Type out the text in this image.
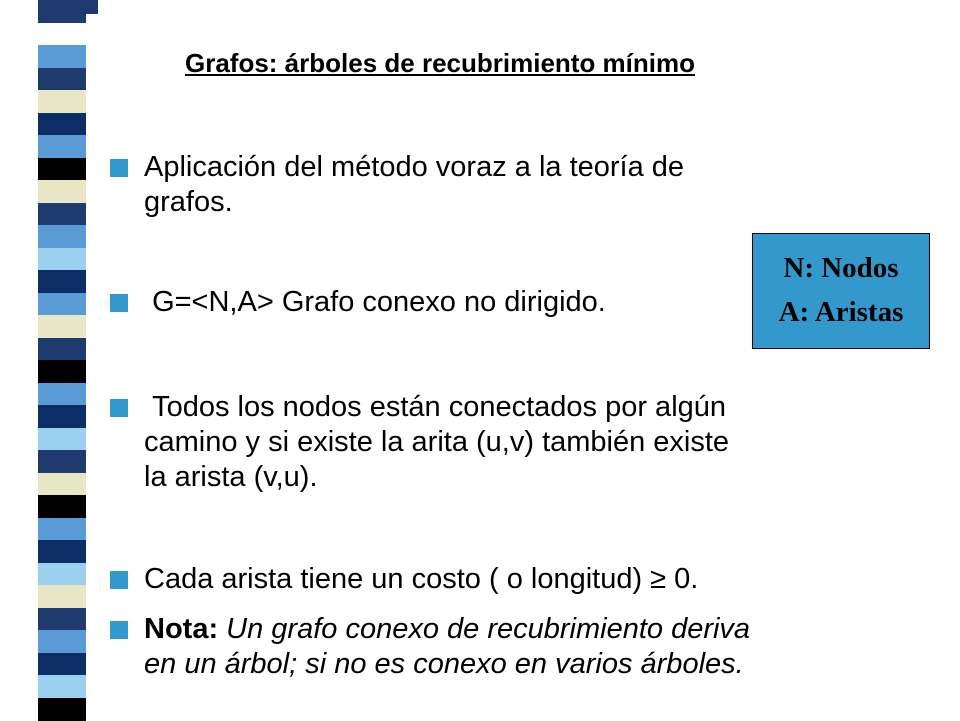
Grafos: árboles de recubrimiento mínimo
Aplicación del método voraz a la teoría de
grafos.
G=<N,A> Grafo conexo no dirigido.
Todos los nodos están conectados por algún
camino y si existe la arita (u,v) también existe
la arista (v,u).
Cada arista tiene un costo ( o longitud) ≥ 0.
Nota: Un grafo conexo de recubrimiento deriva
en un árbol; si no es conexo en varios árboles.
N: Nodos
A: Aristas
